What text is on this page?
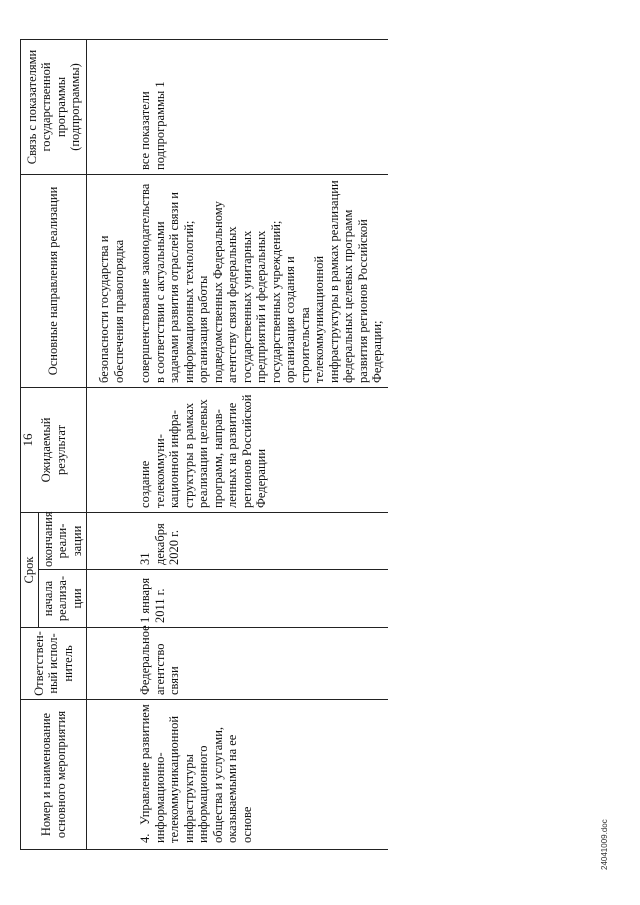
16
Номер и наименование основного мероприятия	Ответствен-ный испол-нитель	Срок		Ожидаемый результат	Основные направления реализации	Связь с показателями государственной программы (подпрограммы)
		начала реализа-ции	окончания реали-зации			
					безопасности государства и обеспечения правопорядка	
4.Управление развитием информационно-телекоммуникационной инфраструктуры информационного общества и услугами, оказываемыми на ее основе	Федеральное агентство связи	1 января 2011 г.	31 декабря 2020 г.	создание телекоммуни-кационной инфра-структуры в рамках реализации целевых программ, направ-ленных на развитие регионов Российской Федерации	совершенствование законодательства в соответствии с актуальными задачами развития отраслей связи и информационных технологий; организация работы подведомственных Федеральному агентству связи федеральных государственных унитарных предприятий и федеральных государственных учреждений; организация создания и строительства телекоммуникационной инфраструктуры в рамках реализации федеральных целевых программ развития регионов Российской Федерации;	все показатели подпрограммы 1
24041009.doc
